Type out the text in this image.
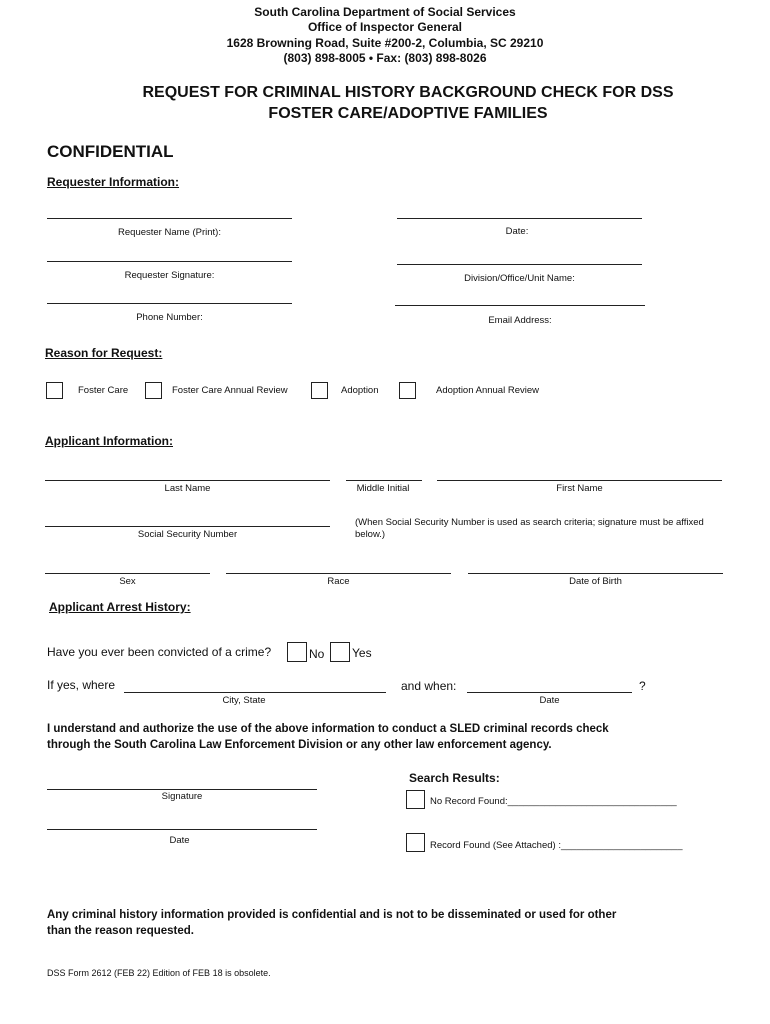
South Carolina Department of Social Services
Office of Inspector General
1628 Browning Road, Suite #200-2, Columbia, SC 29210
(803) 898-8005 • Fax: (803) 898-8026
REQUEST FOR CRIMINAL HISTORY BACKGROUND CHECK FOR DSS
FOSTER CARE/ADOPTIVE FAMILIES
CONFIDENTIAL
Requester Information:
Requester Name (Print):	Date:
Requester Signature:	Division/Office/Unit Name:
Phone Number:	Email Address:
Reason for Request:
Foster Care	Foster Care Annual Review	Adoption	Adoption Annual Review
Applicant Information:
Last Name	Middle Initial	First Name
Social Security Number
(When Social Security Number is used as search criteria; signature must be affixed below.)
Sex	Race	Date of Birth
Applicant Arrest History:
Have you ever been convicted of a crime?	No Yes
If yes, where
City, State
and when:
Date
?
I understand and authorize the use of the above information to conduct a SLED criminal records check
through the South Carolina Law Enforcement Division or any other law enforcement agency.
Signature
Date
Search Results:
No Record Found:________________________________
Record Found (See Attached) :_______________________
Any criminal history information provided is confidential and is not to be disseminated or used for other
than the reason requested.
DSS Form 2612 (FEB 22) Edition of FEB 18 is obsolete.
